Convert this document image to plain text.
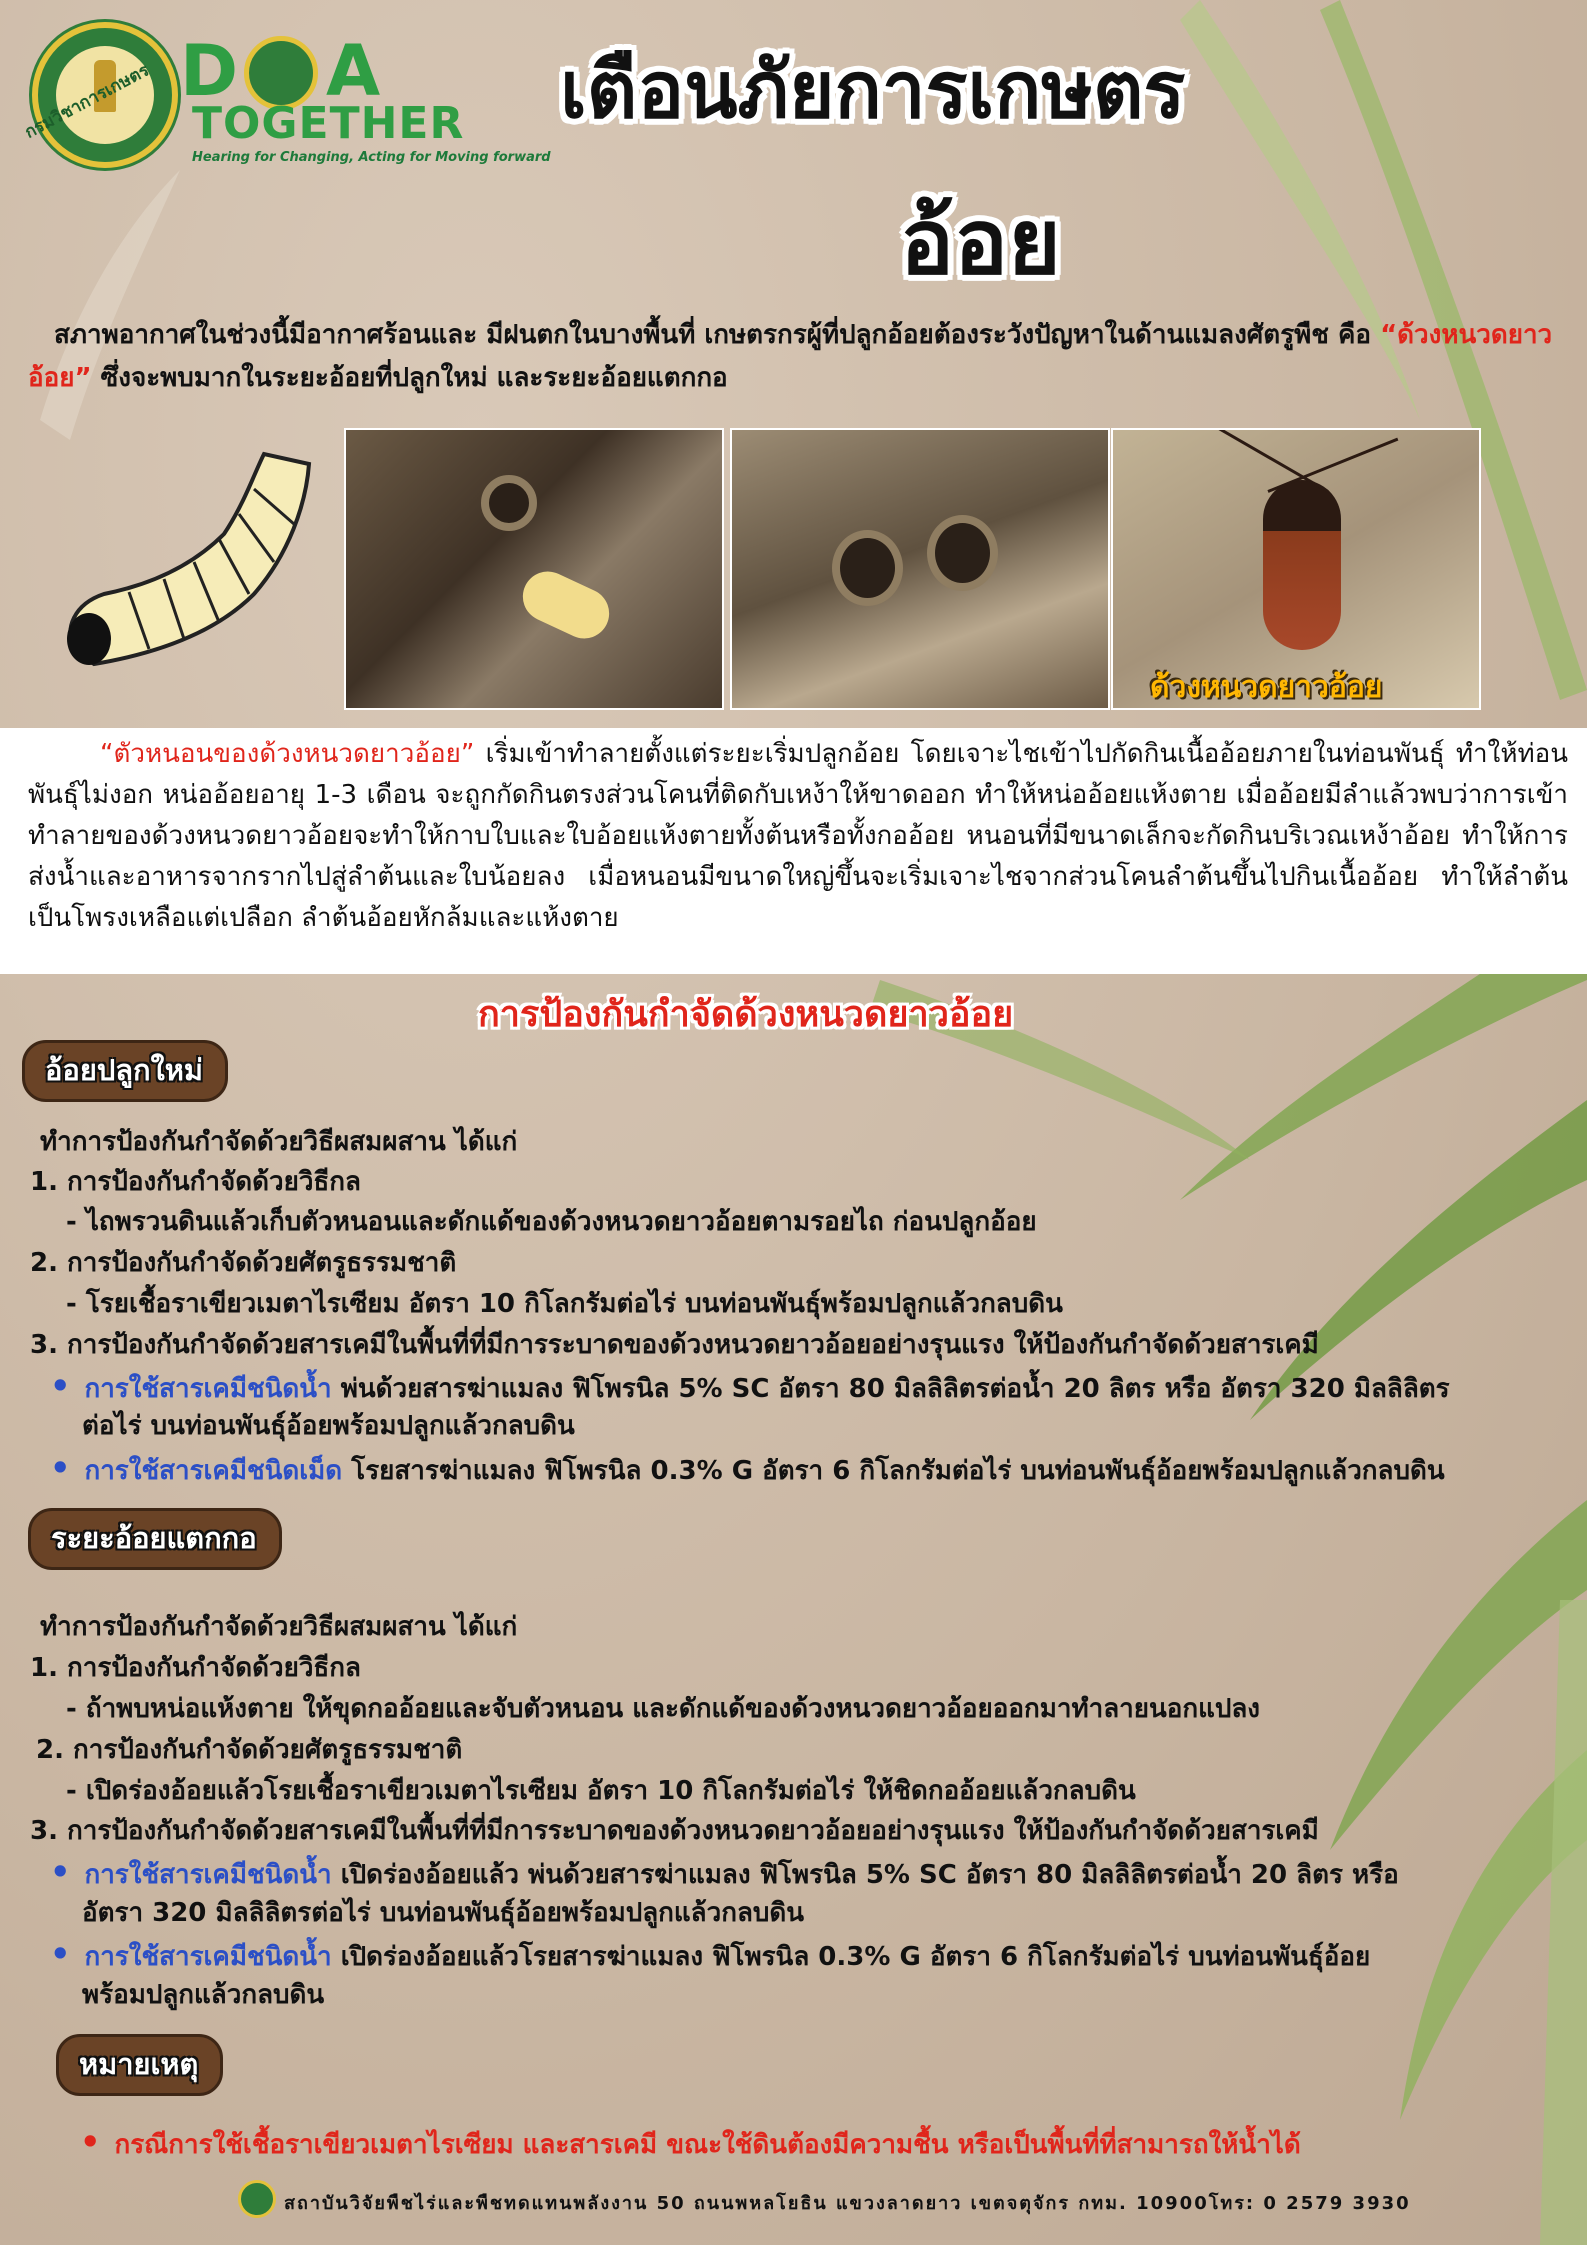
กรมวิชาการเกษตร D A
TOGETHER
Hearing for Changing, Acting for Moving forward
เตือนภัยการเกษตร
อ้อย
สภาพอากาศในช่วงนี้มีอากาศร้อนและ มีฝนตกในบางพื้นที่ เกษตรกรผู้ที่ปลูกอ้อยต้องระวังปัญหาในด้านแมลงศัตรูพืช คือ “ด้วงหนวดยาวอ้อย” ซึ่งจะพบมากในระยะอ้อยที่ปลูกใหม่ และระยะอ้อยแตกกอ
ด้วงหนวดยาวอ้อย
“ตัวหนอนของด้วงหนวดยาวอ้อย” เริ่มเข้าทำลายตั้งแต่ระยะเริ่มปลูกอ้อย โดยเจาะไชเข้าไปกัดกินเนื้ออ้อยภายในท่อนพันธุ์ ทำให้ท่อนพันธุ์ไม่งอก หน่ออ้อยอายุ 1-3 เดือน จะถูกกัดกินตรงส่วนโคนที่ติดกับเหง้าให้ขาดออก ทำให้หน่ออ้อยแห้งตาย เมื่ออ้อยมีลำแล้วพบว่าการเข้าทำลายของด้วงหนวดยาวอ้อยจะทำให้กาบใบและใบอ้อยแห้งตายทั้งต้นหรือทั้งกออ้อย หนอนที่มีขนาดเล็กจะกัดกินบริเวณเหง้าอ้อย ทำให้การส่งน้ำและอาหารจากรากไปสู่ลำต้นและใบน้อยลง เมื่อหนอนมีขนาดใหญ่ขึ้นจะเริ่มเจาะไชจากส่วนโคนลำต้นขึ้นไปกินเนื้ออ้อย ทำให้ลำต้นเป็นโพรงเหลือแต่เปลือก ลำต้นอ้อยหักล้มและแห้งตาย
การป้องกันกำจัดด้วงหนวดยาวอ้อย
อ้อยปลูกใหม่
ทำการป้องกันกำจัดด้วยวิธีผสมผสาน ได้แก่
1. การป้องกันกำจัดด้วยวิธีกล
- ไถพรวนดินแล้วเก็บตัวหนอนและดักแด้ของด้วงหนวดยาวอ้อยตามรอยไถ ก่อนปลูกอ้อย
2. การป้องกันกำจัดด้วยศัตรูธรรมชาติ
- โรยเชื้อราเขียวเมตาไรเซียม อัตรา 10 กิโลกรัมต่อไร่ บนท่อนพันธุ์พร้อมปลูกแล้วกลบดิน
3. การป้องกันกำจัดด้วยสารเคมีในพื้นที่ที่มีการระบาดของด้วงหนวดยาวอ้อยอย่างรุนแรง ให้ป้องกันกำจัดด้วยสารเคมี
• การใช้สารเคมีชนิดน้ำ พ่นด้วยสารฆ่าแมลง ฟิโพรนิล 5% SC อัตรา 80 มิลลิลิตรต่อน้ำ 20 ลิตร หรือ อัตรา 320 มิลลิลิตร
ต่อไร่ บนท่อนพันธุ์อ้อยพร้อมปลูกแล้วกลบดิน
• การใช้สารเคมีชนิดเม็ด โรยสารฆ่าแมลง ฟิโพรนิล 0.3% G อัตรา 6 กิโลกรัมต่อไร่ บนท่อนพันธุ์อ้อยพร้อมปลูกแล้วกลบดิน
ระยะอ้อยแตกกอ
ทำการป้องกันกำจัดด้วยวิธีผสมผสาน ได้แก่
1. การป้องกันกำจัดด้วยวิธีกล
- ถ้าพบหน่อแห้งตาย ให้ขุดกออ้อยและจับตัวหนอน และดักแด้ของด้วงหนวดยาวอ้อยออกมาทำลายนอกแปลง
2. การป้องกันกำจัดด้วยศัตรูธรรมชาติ
- เปิดร่องอ้อยแล้วโรยเชื้อราเขียวเมตาไรเซียม อัตรา 10 กิโลกรัมต่อไร่ ให้ชิดกออ้อยแล้วกลบดิน
3. การป้องกันกำจัดด้วยสารเคมีในพื้นที่ที่มีการระบาดของด้วงหนวดยาวอ้อยอย่างรุนแรง ให้ป้องกันกำจัดด้วยสารเคมี
• การใช้สารเคมีชนิดน้ำ เปิดร่องอ้อยแล้ว พ่นด้วยสารฆ่าแมลง ฟิโพรนิล 5% SC อัตรา 80 มิลลิลิตรต่อน้ำ 20 ลิตร หรือ
อัตรา 320 มิลลิลิตรต่อไร่ บนท่อนพันธุ์อ้อยพร้อมปลูกแล้วกลบดิน
• การใช้สารเคมีชนิดน้ำ เปิดร่องอ้อยแล้วโรยสารฆ่าแมลง ฟิโพรนิล 0.3% G อัตรา 6 กิโลกรัมต่อไร่ บนท่อนพันธุ์อ้อย
พร้อมปลูกแล้วกลบดิน
หมายเหตุ
• กรณีการใช้เชื้อราเขียวเมตาไรเซียม และสารเคมี ขณะใช้ดินต้องมีความชื้น หรือเป็นพื้นที่ที่สามารถให้น้ำได้
สถาบันวิจัยพืชไร่และพืชทดแทนพลังงาน 50 ถนนพหลโยธิน แขวงลาดยาว เขตจตุจักร กทม. 10900โทร: 0 2579 3930
